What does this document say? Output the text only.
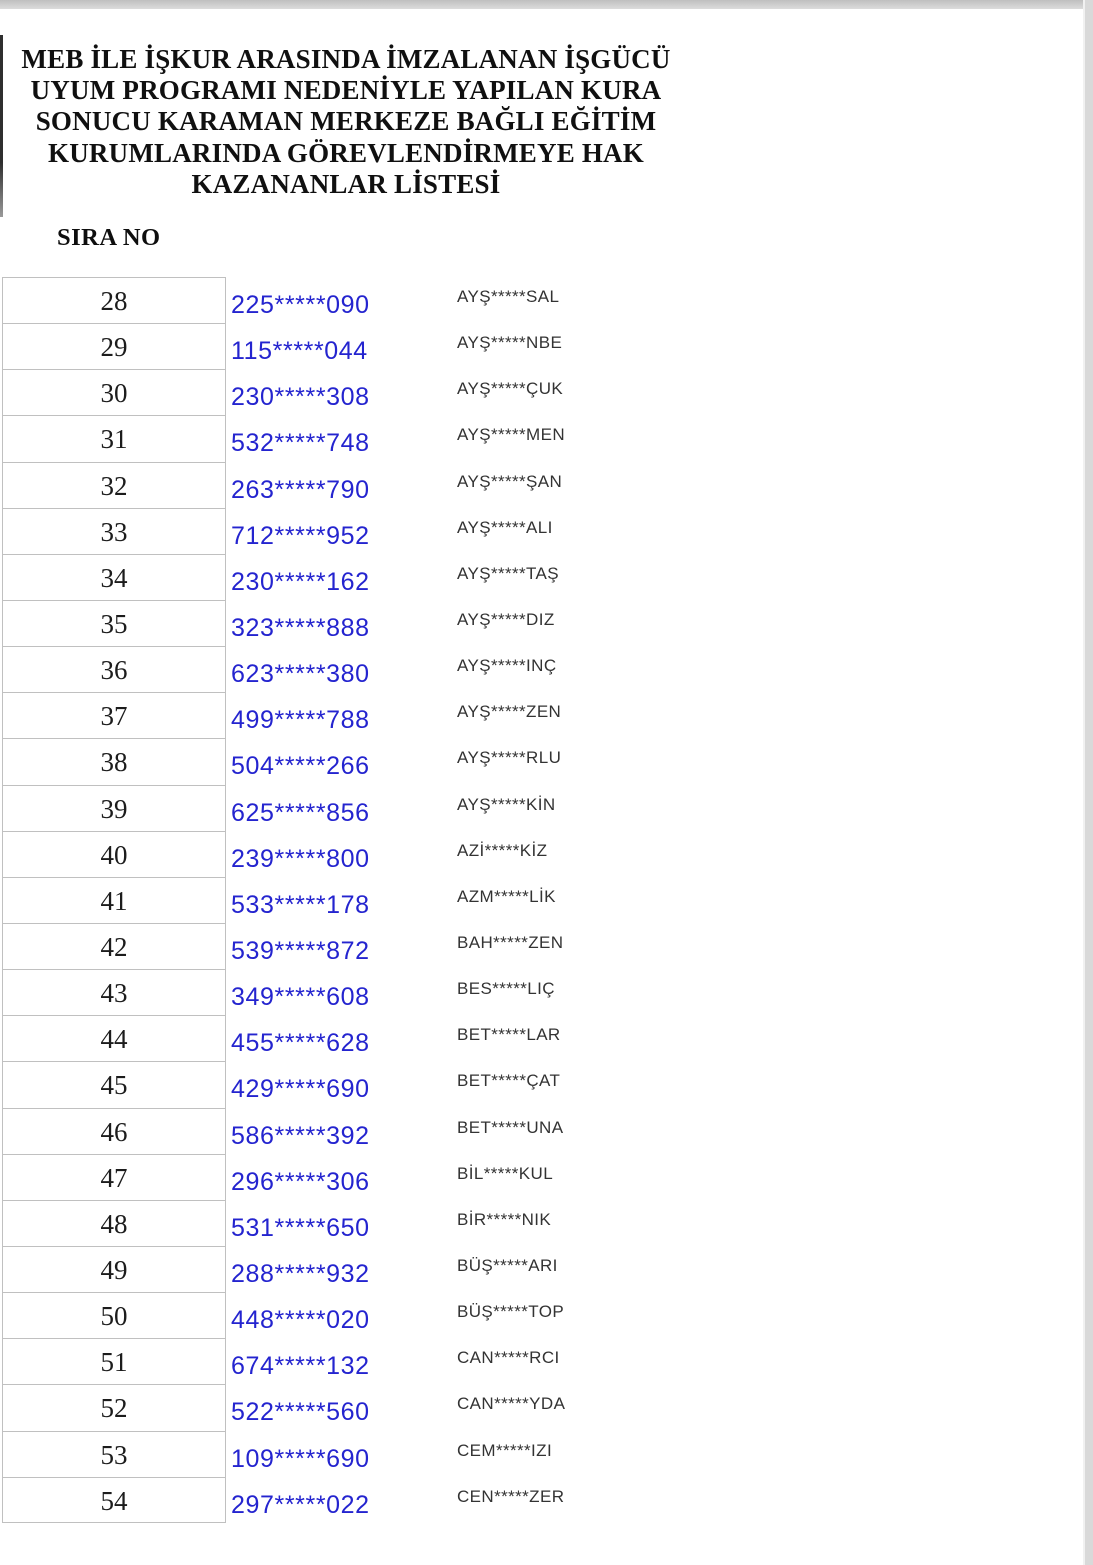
MEB İLE İŞKUR ARASINDA İMZALANAN İŞGÜCÜ
UYUM PROGRAMI NEDENİYLE YAPILAN KURA
SONUCU KARAMAN MERKEZE BAĞLI EĞİTİM
KURUMLARINDA GÖREVLENDİRMEYE HAK
KAZANANLAR LİSTESİ
SIRA NO
28	225*****090	AYŞ*****SAL
29	115*****044	AYŞ*****NBE
30	230*****308	AYŞ*****ÇUK
31	532*****748	AYŞ*****MEN
32	263*****790	AYŞ*****ŞAN
33	712*****952	AYŞ*****ALI
34	230*****162	AYŞ*****TAŞ
35	323*****888	AYŞ*****DIZ
36	623*****380	AYŞ*****INÇ
37	499*****788	AYŞ*****ZEN
38	504*****266	AYŞ*****RLU
39	625*****856	AYŞ*****KİN
40	239*****800	AZİ*****KİZ
41	533*****178	AZM*****LİK
42	539*****872	BAH*****ZEN
43	349*****608	BES*****LIÇ
44	455*****628	BET*****LAR
45	429*****690	BET*****ÇAT
46	586*****392	BET*****UNA
47	296*****306	BİL*****KUL
48	531*****650	BİR*****NIK
49	288*****932	BÜŞ*****ARI
50	448*****020	BÜŞ*****TOP
51	674*****132	CAN*****RCI
52	522*****560	CAN*****YDA
53	109*****690	CEM*****IZI
54	297*****022	CEN*****ZER
